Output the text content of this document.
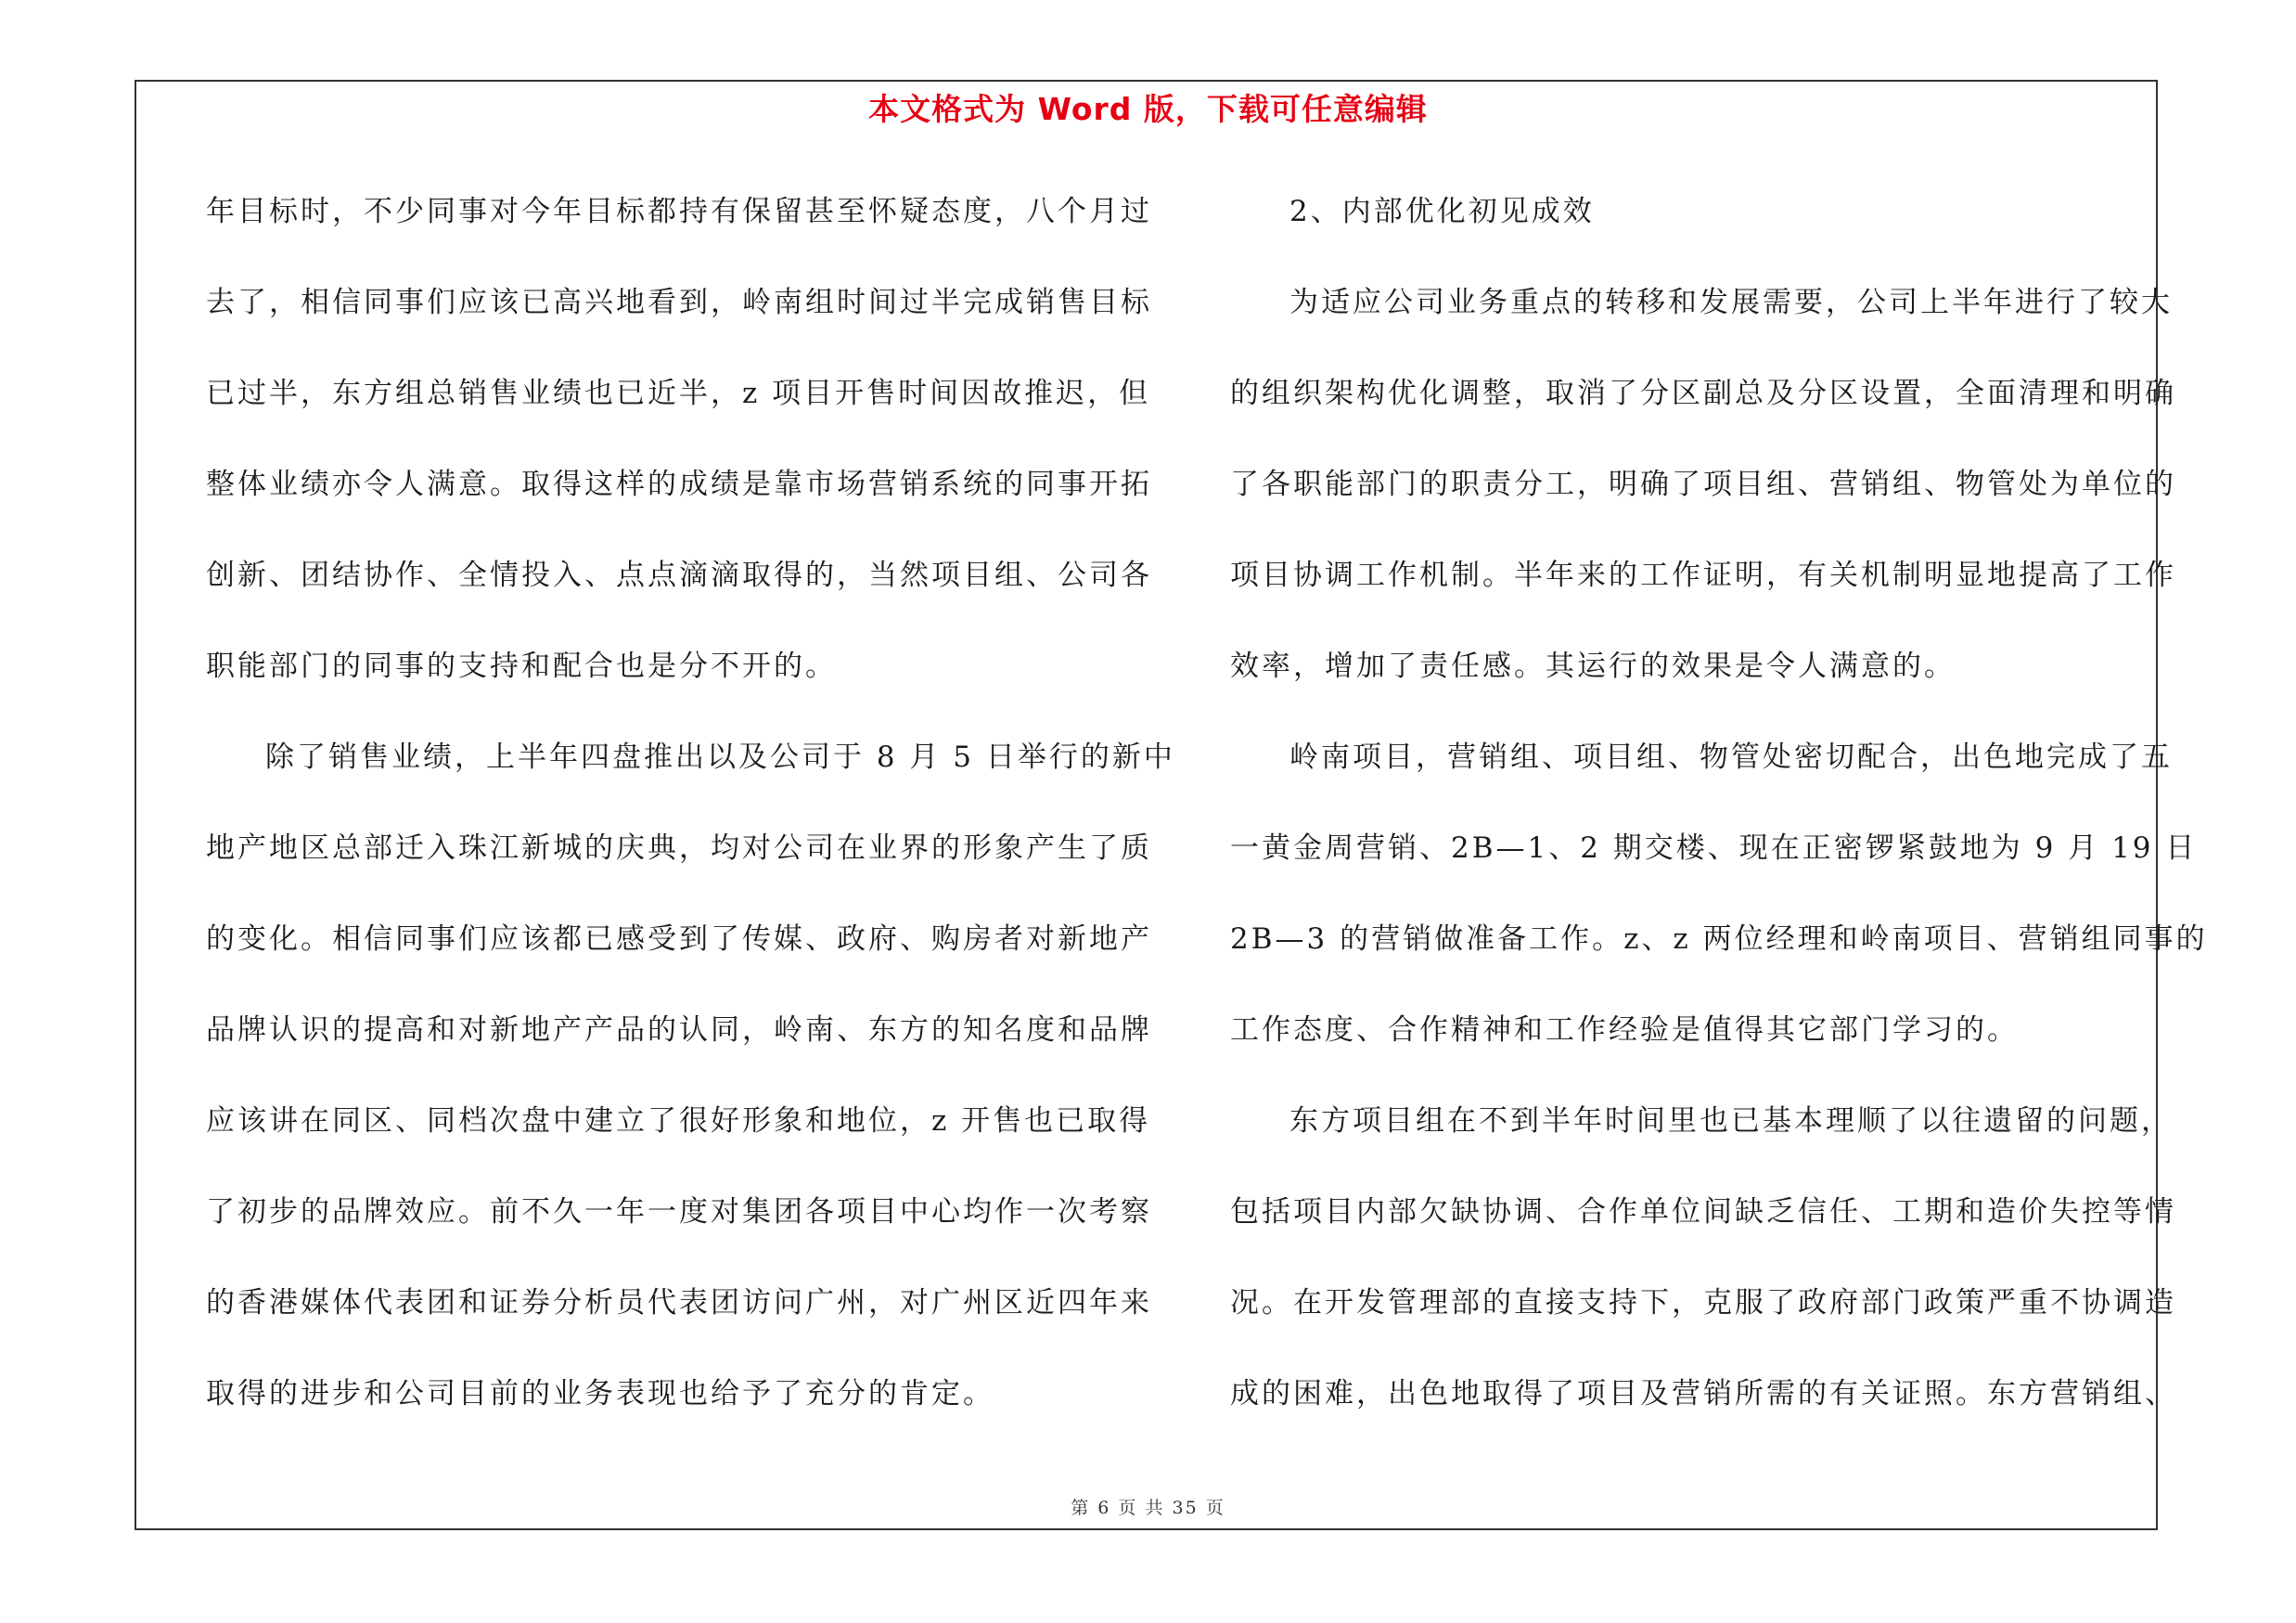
本文格式为 Word 版，下载可任意编辑
年目标时，不少同事对今年目标都持有保留甚至怀疑态度，八个月过
去了，相信同事们应该已高兴地看到，岭南组时间过半完成销售目标
已过半，东方组总销售业绩也已近半，z 项目开售时间因故推迟，但
整体业绩亦令人满意。取得这样的成绩是靠市场营销系统的同事开拓
创新、团结协作、全情投入、点点滴滴取得的，当然项目组、公司各
职能部门的同事的支持和配合也是分不开的。
除了销售业绩，上半年四盘推出以及公司于 8 月 5 日举行的新中
地产地区总部迁入珠江新城的庆典，均对公司在业界的形象产生了质
的变化。相信同事们应该都已感受到了传媒、政府、购房者对新地产
品牌认识的提高和对新地产产品的认同，岭南、东方的知名度和品牌
应该讲在同区、同档次盘中建立了很好形象和地位，z 开售也已取得
了初步的品牌效应。前不久一年一度对集团各项目中心均作一次考察
的香港媒体代表团和证券分析员代表团访问广州，对广州区近四年来
取得的进步和公司目前的业务表现也给予了充分的肯定。
2、内部优化初见成效
为适应公司业务重点的转移和发展需要，公司上半年进行了较大
的组织架构优化调整，取消了分区副总及分区设置，全面清理和明确
了各职能部门的职责分工，明确了项目组、营销组、物管处为单位的
项目协调工作机制。半年来的工作证明，有关机制明显地提高了工作
效率，增加了责任感。其运行的效果是令人满意的。
岭南项目，营销组、项目组、物管处密切配合，出色地完成了五
一黄金周营销、2B—1、2 期交楼、现在正密锣紧鼓地为 9 月 19 日
2B—3 的营销做准备工作。z、z 两位经理和岭南项目、营销组同事的
工作态度、合作精神和工作经验是值得其它部门学习的。
东方项目组在不到半年时间里也已基本理顺了以往遗留的问题，
包括项目内部欠缺协调、合作单位间缺乏信任、工期和造价失控等情
况。在开发管理部的直接支持下，克服了政府部门政策严重不协调造
成的困难，出色地取得了项目及营销所需的有关证照。东方营销组、
第 6 页 共 35 页
